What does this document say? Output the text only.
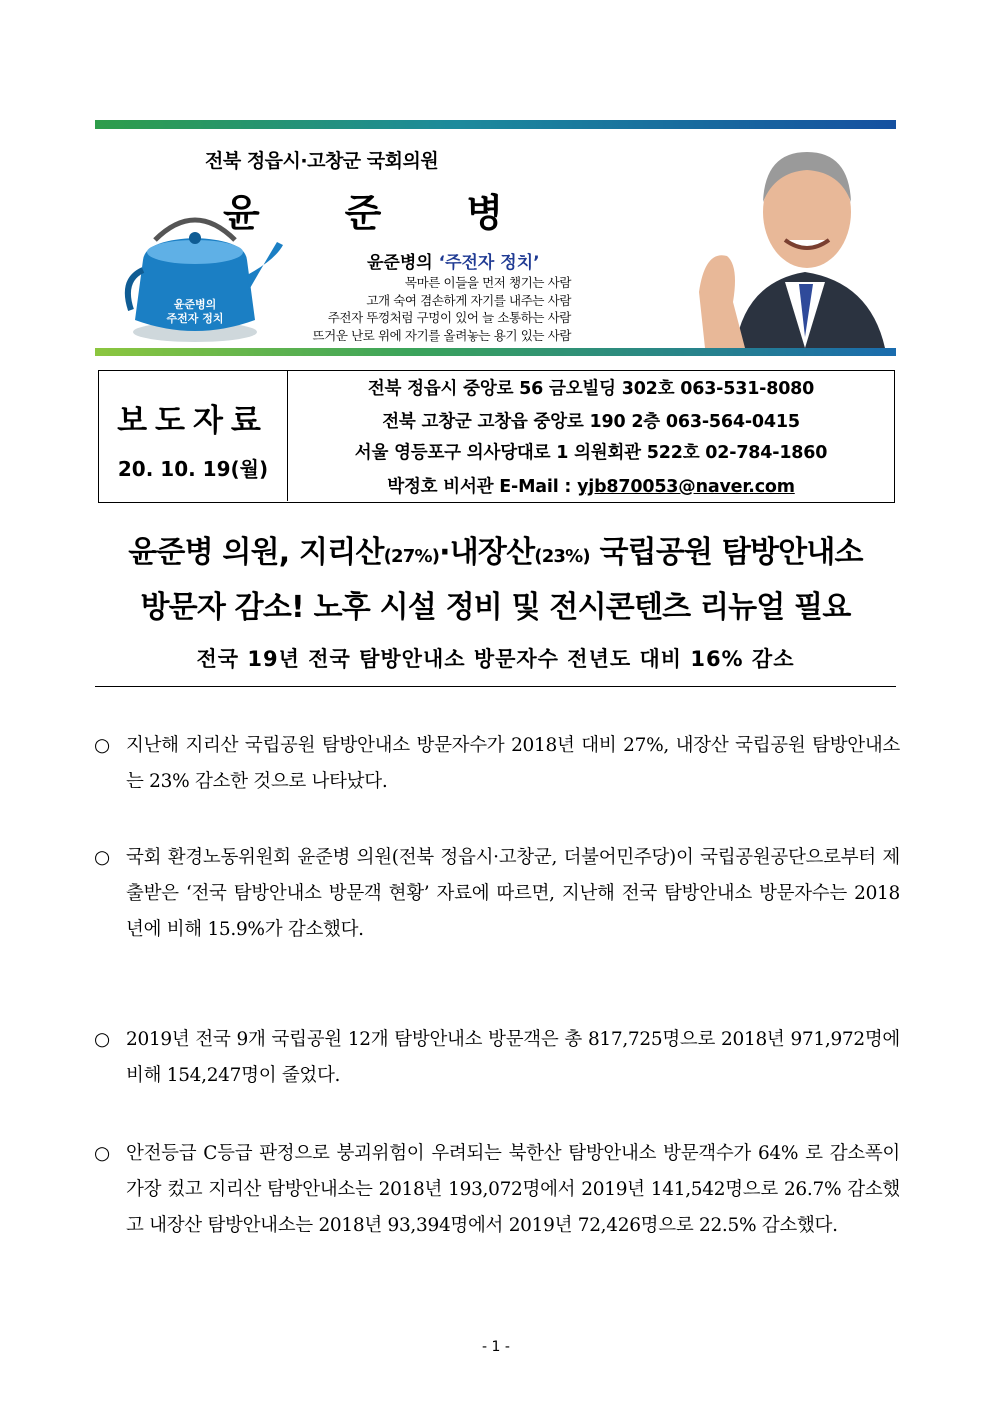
전북 정읍시·고창군 국회의원
윤 준 병
윤준병의
주전자 정치
윤준병의 ‘주전자 정치’
목마른 이들을 먼저 챙기는 사람
고개 숙여 겸손하게 자기를 내주는 사람
주전자 뚜껑처럼 구멍이 있어 늘 소통하는 사람
뜨거운 난로 위에 자기를 올려놓는 용기 있는 사람
보도자료
20. 10. 19(월)
전북 정읍시 중앙로 56 금오빌딩 302호 063-531-8080
전북 고창군 고창읍 중앙로 190 2층 063-564-0415
서울 영등포구 의사당대로 1 의원회관 522호 02-784-1860
박정호 비서관 E-Mail : yjb870053@naver.com
윤준병 의원, 지리산(27%)·내장산(23%) 국립공원 탐방안내소
방문자 감소! 노후 시설 정비 및 전시콘텐츠 리뉴얼 필요
전국 19년 전국 탐방안내소 방문자수 전년도 대비 16% 감소
○ 지난해 지리산 국립공원 탐방안내소 방문자수가 2018년 대비 27%, 내장산 국립공원 탐방안내소는 23% 감소한 것으로 나타났다.
○ 국회 환경노동위원회 윤준병 의원(전북 정읍시·고창군, 더불어민주당)이 국립공원공단으로부터 제출받은 ‘전국 탐방안내소 방문객 현황’ 자료에 따르면, 지난해 전국 탐방안내소 방문자수는 2018년에 비해 15.9%가 감소했다.
○ 2019년 전국 9개 국립공원 12개 탐방안내소 방문객은 총 817,725명으로 2018년 971,972명에 비해 154,247명이 줄었다.
○ 안전등급 C등급 판정으로 붕괴위험이 우려되는 북한산 탐방안내소 방문객수가 64% 로 감소폭이 가장 컸고 지리산 탐방안내소는 2018년 193,072명에서 2019년 141,542명으로 26.7% 감소했고 내장산 탐방안내소는 2018년 93,394명에서 2019년 72,426명으로 22.5% 감소했다.
- 1 -
